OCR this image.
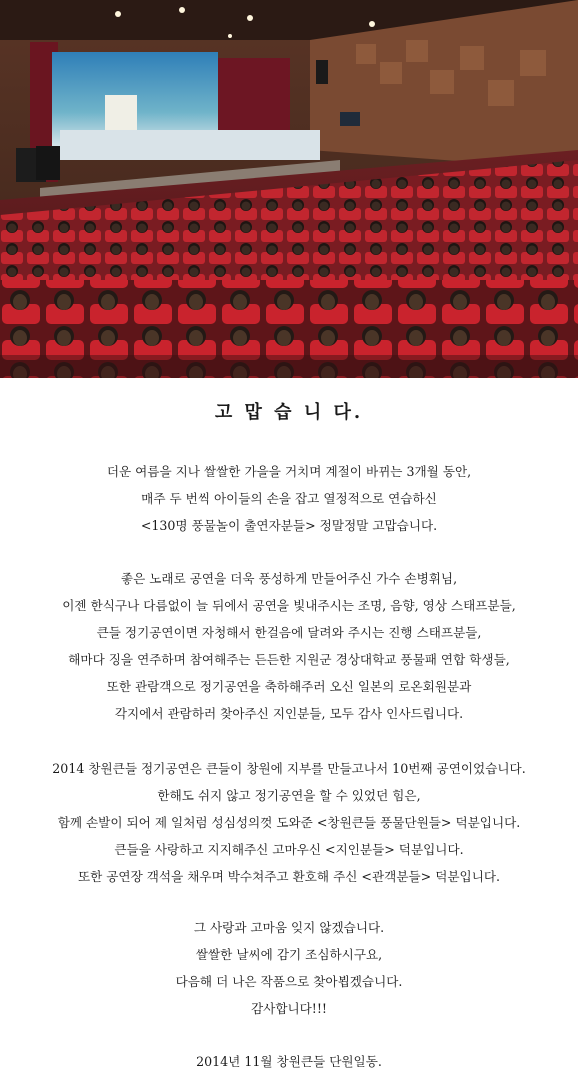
고 맙 습 니 다.
더운 여름을 지나 쌀쌀한 가을을 거치며 계절이 바뀌는 3개월 동안,
매주 두 번씩 아이들의 손을 잡고 열정적으로 연습하신
<130명 풍물놀이 출연자분들> 정말정말 고맙습니다.
좋은 노래로 공연을 더욱 풍성하게 만들어주신 가수 손병휘님,
이젠 한식구나 다름없이 늘 뒤에서 공연을 빛내주시는 조명, 음향, 영상 스태프분들,
큰들 정기공연이면 자청해서 한걸음에 달려와 주시는 진행 스태프분들,
해마다 징을 연주하며 참여해주는 든든한 지원군 경상대학교 풍물패 연합 학생들,
또한 관람객으로 정기공연을 축하해주러 오신 일본의 로온회원분과
각지에서 관람하러 찾아주신 지인분들, 모두 감사 인사드립니다.
2014 창원큰들 정기공연은 큰들이 창원에 지부를 만들고나서 10번째 공연이었습니다.
한해도 쉬지 않고 정기공연을 할 수 있었던 힘은,
함께 손발이 되어 제 일처럼 성심성의껏 도와준 <창원큰들 풍물단원들> 덕분입니다.
큰들을 사랑하고 지지해주신 고마우신 <지인분들> 덕분입니다.
또한 공연장 객석을 채우며 박수쳐주고 환호해 주신 <관객분들> 덕분입니다.
그 사랑과 고마움 잊지 않겠습니다.
쌀쌀한 날씨에 감기 조심하시구요,
다음해 더 나은 작품으로 찾아뵙겠습니다.
감사합니다!!!
2014년 11월 창원큰들 단원일동.
